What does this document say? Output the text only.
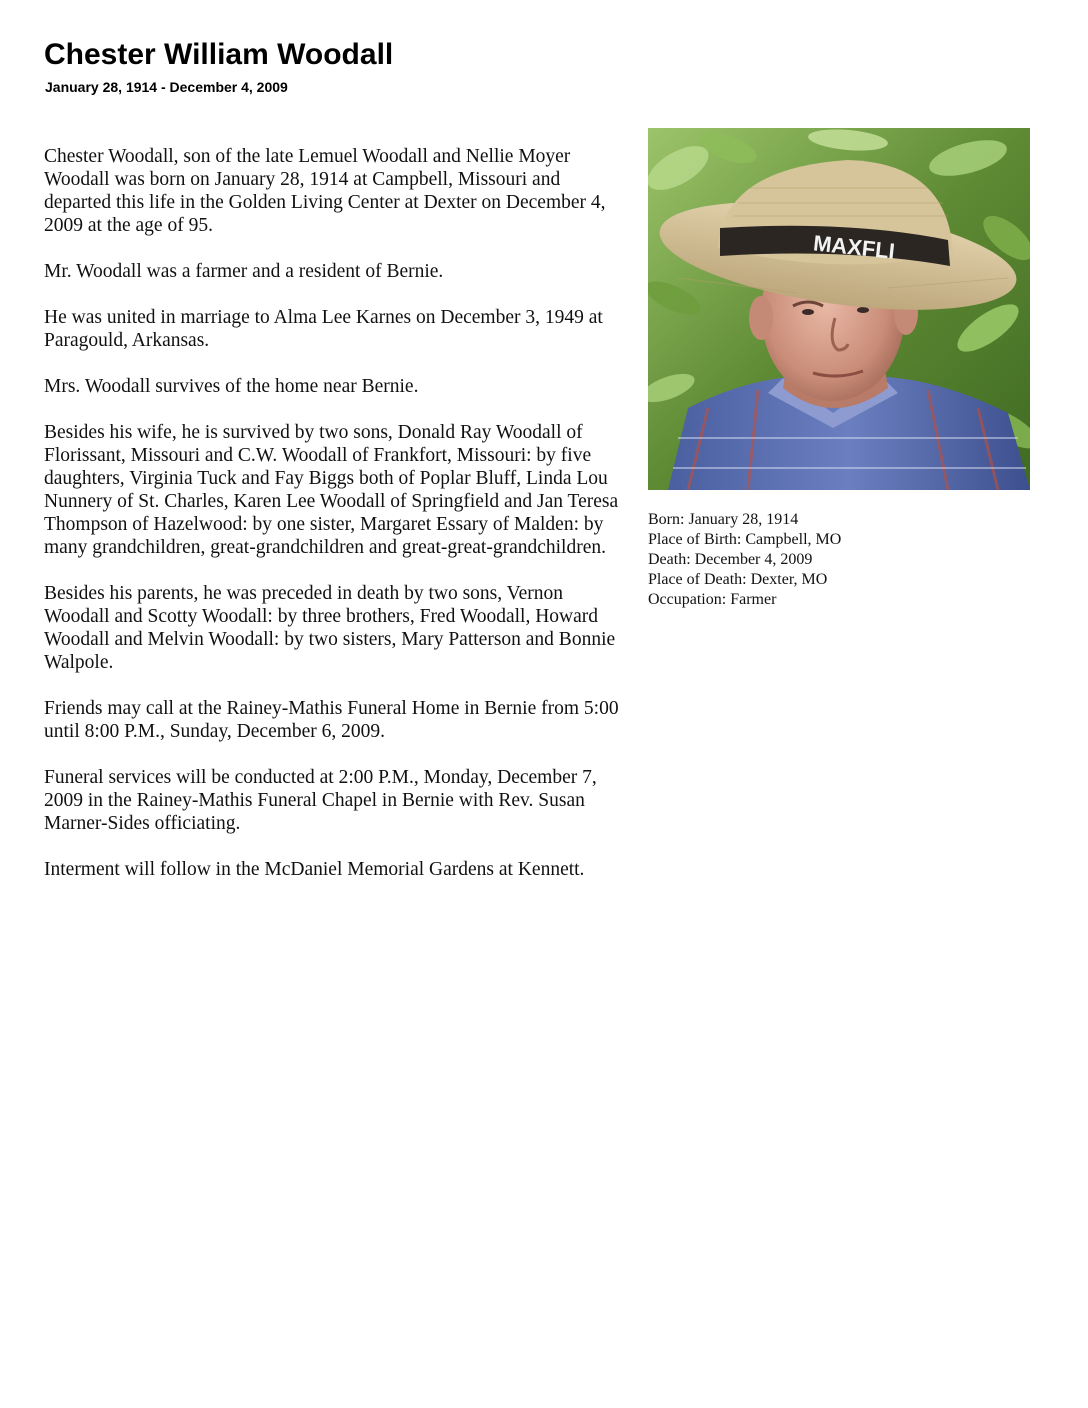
Chester William Woodall
January 28, 1914 - December 4, 2009

Chester Woodall, son of the late Lemuel Woodall and Nellie Moyer Woodall was born on January 28, 1914 at Campbell, Missouri and departed this life in the Golden Living Center at Dexter on December 4, 2009 at the age of 95.

Mr. Woodall was a farmer and a resident of Bernie.

He was united in marriage to Alma Lee Karnes on December 3, 1949 at Paragould, Arkansas.

Mrs. Woodall survives of the home near Bernie.

Besides his wife, he is survived by two sons, Donald Ray Woodall of Florissant, Missouri and C.W. Woodall of Frankfort, Missouri: by five daughters, Virginia Tuck and Fay Biggs both of Poplar Bluff, Linda Lou Nunnery of St. Charles, Karen Lee Woodall of Springfield and Jan Teresa Thompson of Hazelwood: by one sister, Margaret Essary of Malden: by many grandchildren, great-grandchildren and great-great-grandchildren.

Besides his parents, he was preceded in death by two sons, Vernon Woodall and Scotty Woodall: by three brothers, Fred Woodall, Howard Woodall and Melvin Woodall: by two sisters, Mary Patterson and Bonnie Walpole.

Friends may call at the Rainey-Mathis Funeral Home in Bernie from 5:00 until 8:00 P.M., Sunday, December 6, 2009.

Funeral services will be conducted at 2:00 P.M., Monday, December 7, 2009 in the Rainey-Mathis Funeral Chapel in Bernie with Rev. Susan Marner-Sides officiating.

Interment will follow in the McDaniel Memorial Gardens at Kennett.

MAXFLI
Born: January 28, 1914
Place of Birth: Campbell, MO
Death: December 4, 2009
Place of Death: Dexter, MO
Occupation: Farmer
